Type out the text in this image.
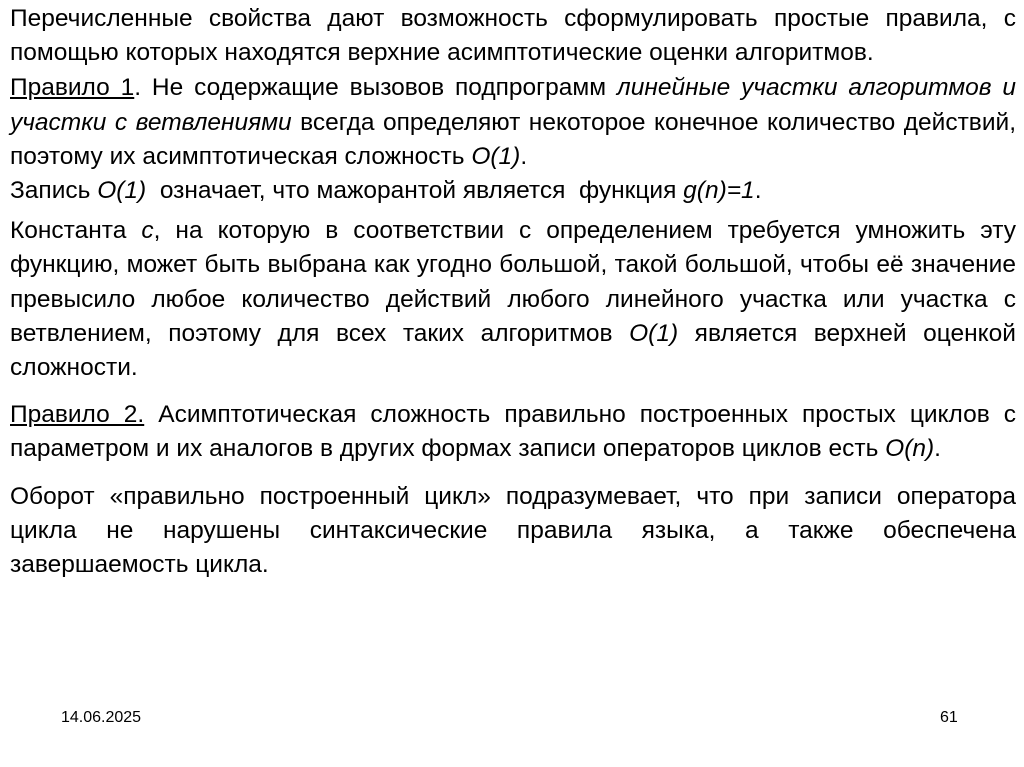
Перечисленные свойства дают возможность сформулировать простые правила, с помощью которых находятся верхние асимптотические оценки алгоритмов.

Правило 1. Не содержащие вызовов подпрограмм линейные участки алгоритмов и участки с ветвлениями всегда определяют некоторое конечное количество действий, поэтому их асимптотическая сложность O(1).

Запись O(1)  означает, что мажорантой является  функция g(n)=1.

Константа c, на которую в соответствии с определением требуется умножить эту функцию, может быть выбрана как угодно большой, такой большой, чтобы её значение превысило любое количество действий любого линейного участка или участка с ветвлением, поэтому для всех таких алгоритмов O(1) является верхней оценкой сложности.

Правило 2. Асимптотическая сложность правильно построенных простых циклов с параметром и их аналогов в других формах записи операторов циклов есть O(n).

Оборот «правильно построенный цикл» подразумевает, что при записи оператора цикла не нарушены синтаксические правила языка, а также обеспечена завершаемость цикла.

14.06.2025	61
